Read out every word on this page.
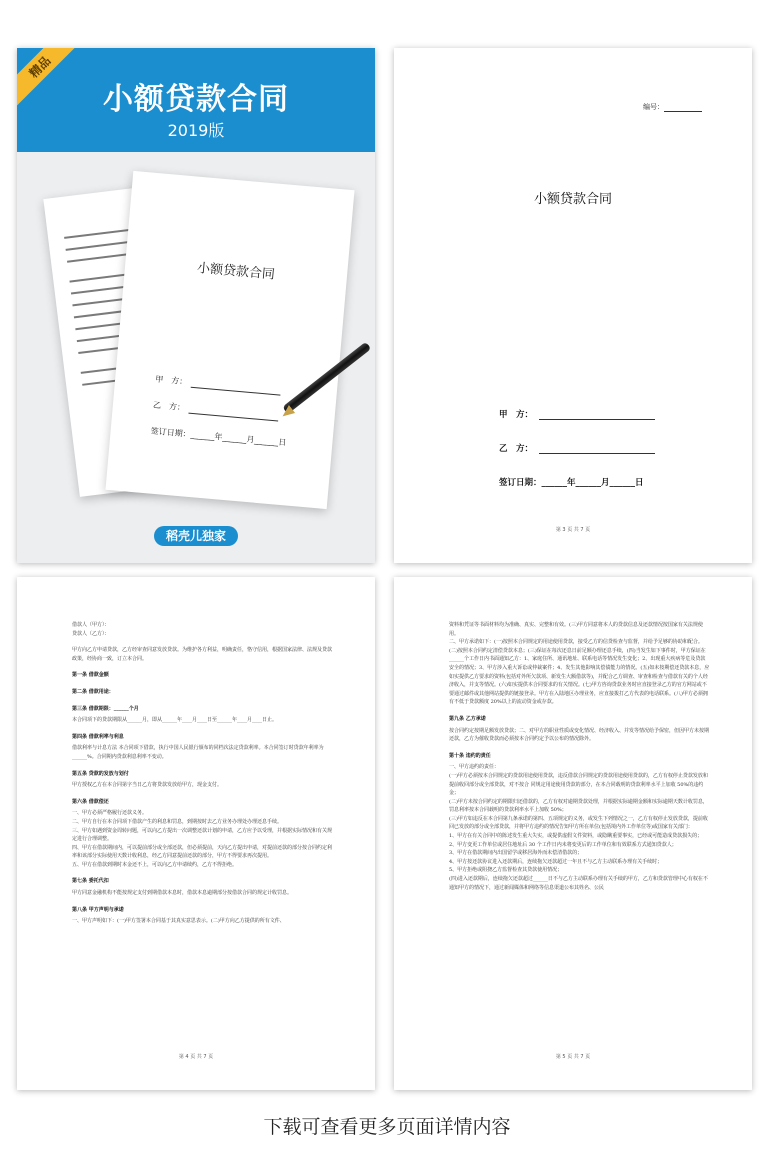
小额贷款合同
2019版
精品
小额贷款合同
甲　方：
乙　方：
签订日期：______年______月______日
稻壳儿独家
编号：
小额贷款合同
甲　方：
乙　方：
签订日期：______年______月______日
第 3 页 共 7 页

借款人（甲方）：

贷款人（乙方）：

甲方向乙方申请贷款，乙方经审查同意发放贷款。为维护各方利益，明确责任，恪守信用，根据国家法律、法规及贷款政策，经协商一致，订立本合同。

第一条 借款金额

第二条 借款用途：

第三条 借款期限：______个月

本合同项下的贷款期限从______月，即从______年____月____日至______年____月____日止。

第四条 借款利率与利息

借款利率与计息方法 本合同项下借款，执行中国人民银行颁布的同档次法定贷款利率。本合同签订时贷款年利率为______%。合同期内贷款利息利率不变动。

第五条 贷款的发放与划付

甲方授权乙方在本合同第字当日乙方将贷款发放给甲方，现金支付。

第六条 借款偿还

一、甲方必须严格履行还款义务。

二、甲方自行在本合同项下借款产生的利息和罚息，到期按时去乙方业务办理处办理还息手续。

三、甲方如遇到资金周转问题，可以向乙方提出一次调整还款计划的申请，乙方应予以受理，并根据实际情况和有关规定进行合理调整。

四、甲方在借款期间内，可以提前部分或全部还款，但必须提前，天向乙方提出申请，对提前还款的部分按合同约定利率和该部分实际使用天数计收利息，经乙方同意提前还款的部分，甲方不得要求再次提用。

五、甲方在借款到期时本金还不上，可以向乙方申请续约，乙方不得拒绝。

第七条 委托代扣

甲方同意金融机构不能按规定支付到期借款本息时，借款本息逾期部分按借款合同的规定计收罚息。

第八条 甲方声明与承诺

一、甲方声明如下：(一)甲方签署本合同基于其真实意思表示。(二)甲方向乙方提供的所有文件、

第 4 页 共 7 页

资料和凭证等书面材料均为准确、真实、完整和有效。(三)甲方同意将本人的贷款信息及还款情况按国家有关法规使用。

二、甲方承诺如下：(一)按照本合同规定的用途使用贷款，接受乙方的信贷检查与监督，并给予足够的协助和配合。(二)按照本合同约定清偿贷款本息；(三)保证在每次还息日前足额办理还息手续，(四)当发生如下事件时，甲方保证在______个工作日内书面通知乙方：1、家庭住所、通讯地址、联系电话等情况发生变化；2、出现重大疾病等危及贷款安全的情况；3、甲方涉入重大诉讼或仲裁案件；4、发生其他影响其偿债能力的情况。(五)如未按期偿还贷款本息，应如实提供乙方要求的资料(包括对外所欠款项、新发生大额借款等)，并配合乙方调查、审查和检查与借款有关的个人经济收入，并支等情况。(六)如实提供本合同要求的有关情况。(七)甲方咨询贷款业务时应直接登录乙方的官方网站或不要通过邮件或其他网站提供的链接登录。甲方在入陆地区办理业务，应直接拨打乙方代表的电话联系。(八)甲方必须拥有不低于贷款额度 20%以上的流动资金或存款。

第九条 乙方承诺

按合同约定按期足额发放贷款；二、对甲方的职业性质或变化情况、经济收入、并发等情况给予保密，但因甲方未按期还款，乙方为催收贷款而必须按本合同约定予以公布的情况除外。

第十条 违约的责任

一、甲方违约的责任：

(一)甲方必须按本合同规定的贷款用途使用贷款，违反借款合同规定的贷款用途使用贷款的，乙方有权停止贷款发放和提前收回部分或全部贷款，对不按合 同规定用途使用贷款的部分，在本合同载明的贷款利率水平上加收 50%的违约金；

(二)甲方未按合同约定的期限归还借款的，乙方有权对逾期贷款处理，并根据实际逾期金额和实际逾期天数计收罚息，罚息利率按本合同载明的贷款利率水平上加收 50%；

(三)甲方如违反在本合同第九条承诺的第四、五项规定的义务，或发生下列情况之一，乙方有权停止发放贷款，提前收回已发放的部分或全部贷款，并将甲方违约的情况告知甲方所在单位(包括境内外工作单位等)或国家有关部门：

1、甲方在有关合同中的陈述发生重大失实，或提供虚假文件资料，或隐瞒重要事实，已经或可能造成贷款损失的；

2、甲方变更工作单位或居住地址后 30 个工作日内未将变更后的工作单位和有效联系方式通知贷款人；

3、甲方在借款期间内出国留学或移居海外而未偿清借款的；

4、甲方按还款协议进入还款期后，连续拖欠还款超过一年且不与乙方主动联系办理有关手续时；

5、甲方拒绝或阻挠乙方监督检查其贷款使用情况；

(四)进入还款期后，连续拖欠还款超过______日不与乙方主动联系办理有关手续的甲方，乙方和贷款管理中心有权在不通知甲方的情况下，通过新闻媒体和网络等信息渠道公布其姓名、公民

第 5 页 共 7 页
下载可查看更多页面详情内容
